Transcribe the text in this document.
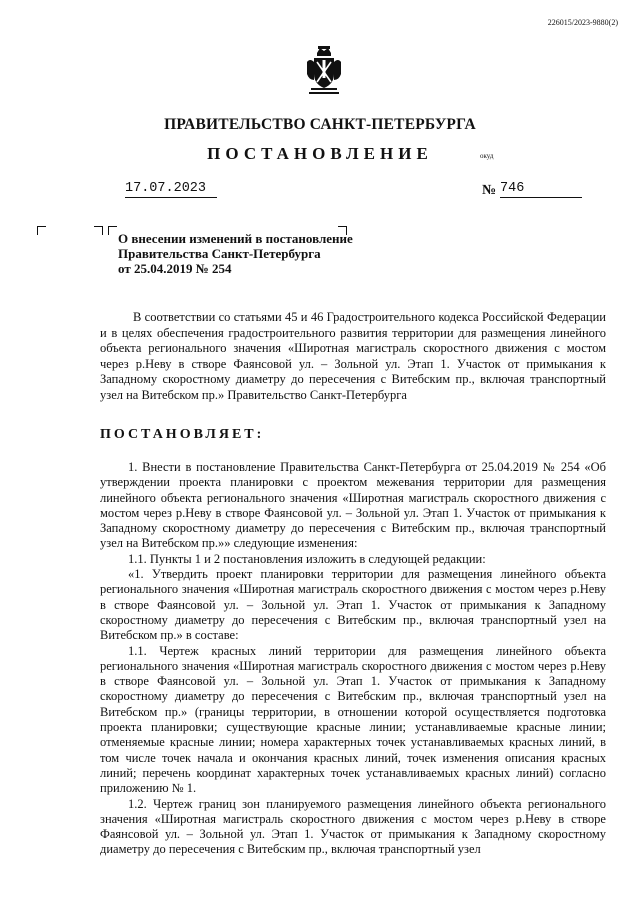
226015/2023-9880(2)
ПРАВИТЕЛЬСТВО САНКТ-ПЕТЕРБУРГА
ПОСТАНОВЛЕНИЕ	окуд
17.07.2023	№ 746
О внесении изменений в постановление
Правительства Санкт-Петербурга
от 25.04.2019 № 254
В соответствии со статьями 45 и 46 Градостроительного кодекса Российской Федерации и в целях обеспечения градостроительного развития территории для размещения линейного объекта регионального значения «Широтная магистраль скоростного движения с мостом через р.Неву в створе Фаянсовой ул. – Зольной ул. Этап 1. Участок от примыкания к Западному скоростному диаметру до пересечения с Витебским пр., включая транспортный узел на Витебском пр.» Правительство Санкт-Петербурга
ПОСТАНОВЛЯЕТ:

1. Внести в постановление Правительства Санкт-Петербурга от 25.04.2019 № 254 «Об утверждении проекта планировки с проектом межевания территории для размещения линейного объекта регионального значения «Широтная магистраль скоростного движения с мостом через р.Неву в створе Фаянсовой ул. – Зольной ул. Этап 1. Участок от примыкания к Западному скоростному диаметру до пересечения с Витебским пр., включая транспортный узел на Витебском пр.»» следующие изменения:

1.1. Пункты 1 и 2 постановления изложить в следующей редакции:

«1. Утвердить проект планировки территории для размещения линейного объекта регионального значения «Широтная магистраль скоростного движения с мостом через р.Неву в створе Фаянсовой ул. – Зольной ул. Этап 1. Участок от примыкания к Западному скоростному диаметру до пересечения с Витебским пр., включая транспортный узел на Витебском пр.» в составе:

1.1. Чертеж красных линий территории для размещения линейного объекта регионального значения «Широтная магистраль скоростного движения с мостом через р.Неву в створе Фаянсовой ул. – Зольной ул. Этап 1. Участок от примыкания к Западному скоростному диаметру до пересечения с Витебским пр., включая транспортный узел на Витебском пр.» (границы территории, в отношении которой осуществляется подготовка проекта планировки; существующие красные линии; устанавливаемые красные линии; отменяемые красные линии; номера характерных точек устанавливаемых красных линий, в том числе точек начала и окончания красных линий, точек изменения описания красных линий; перечень координат характерных точек устанавливаемых красных линий) согласно приложению № 1.

1.2. Чертеж границ зон планируемого размещения линейного объекта регионального значения «Широтная магистраль скоростного движения с мостом через р.Неву в створе Фаянсовой ул. – Зольной ул. Этап 1. Участок от примыкания к Западному скоростному диаметру до пересечения с Витебским пр., включая транспортный узел
